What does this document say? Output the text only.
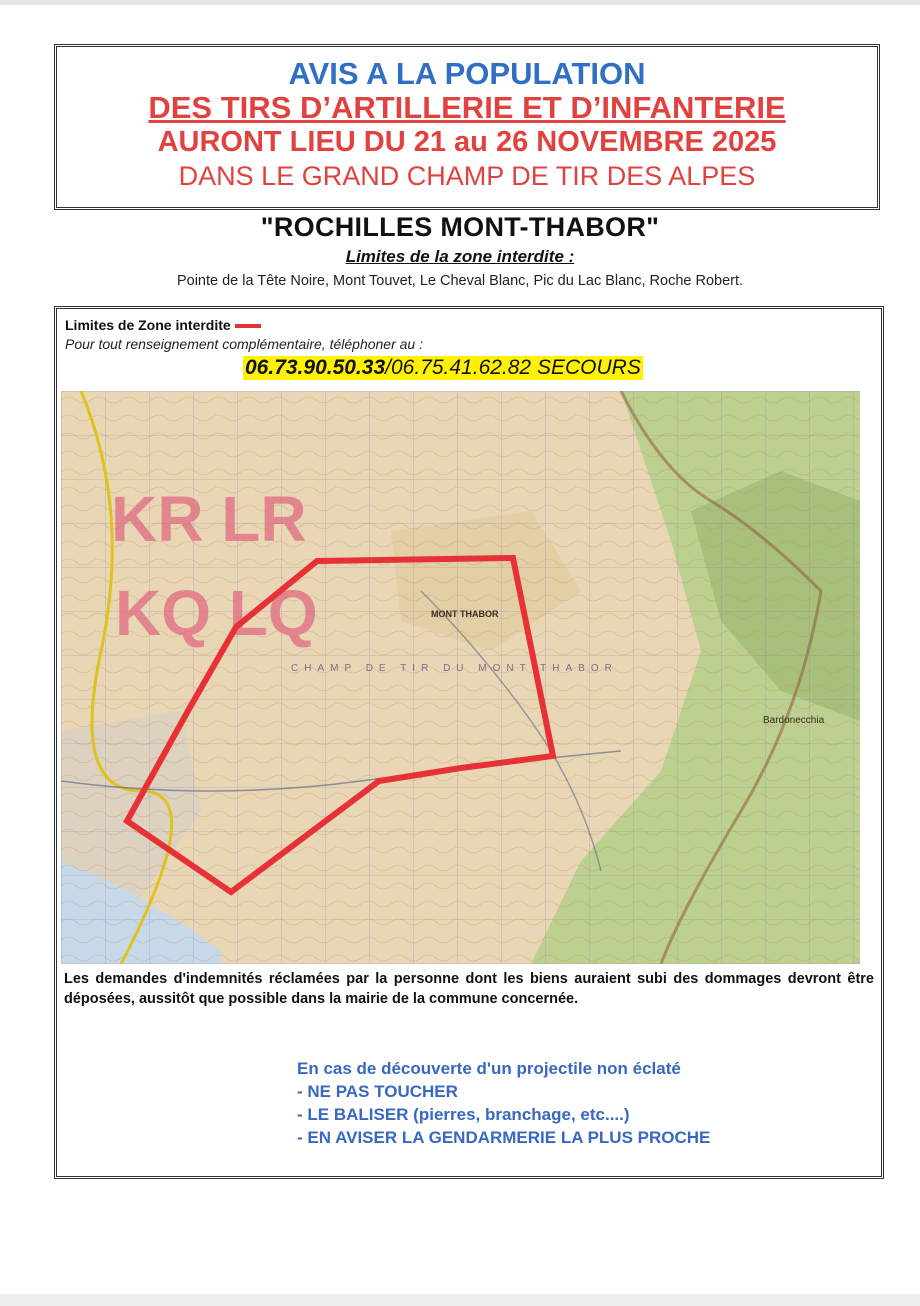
AVIS A LA POPULATION
DES TIRS D’ARTILLERIE ET D’INFANTERIE
AURONT LIEU DU 21 au 26 NOVEMBRE 2025
DANS LE GRAND CHAMP DE TIR DES ALPES
"ROCHILLES MONT-THABOR"
Limites de la zone interdite :
Pointe de la Tête Noire, Mont Touvet, Le Cheval Blanc, Pic du Lac Blanc, Roche Robert.
Limites de Zone interdite
Pour tout renseignement complémentaire, téléphoner au :
06.73.90.50.33/06.75.41.62.82 SECOURS
KR LR
KQ LQ	MONT THABOR
CHAMP DE TIR DU MONT THABOR
Bardonecchia
Les demandes d'indemnités réclamées par la personne dont les biens auraient subi des dommages devront être déposées, aussitôt que possible dans la mairie de la commune concernée.
En cas de découverte d'un projectile non éclaté
- NE PAS TOUCHER
- LE BALISER (pierres, branchage, etc....)
- EN AVISER LA GENDARMERIE LA PLUS PROCHE
